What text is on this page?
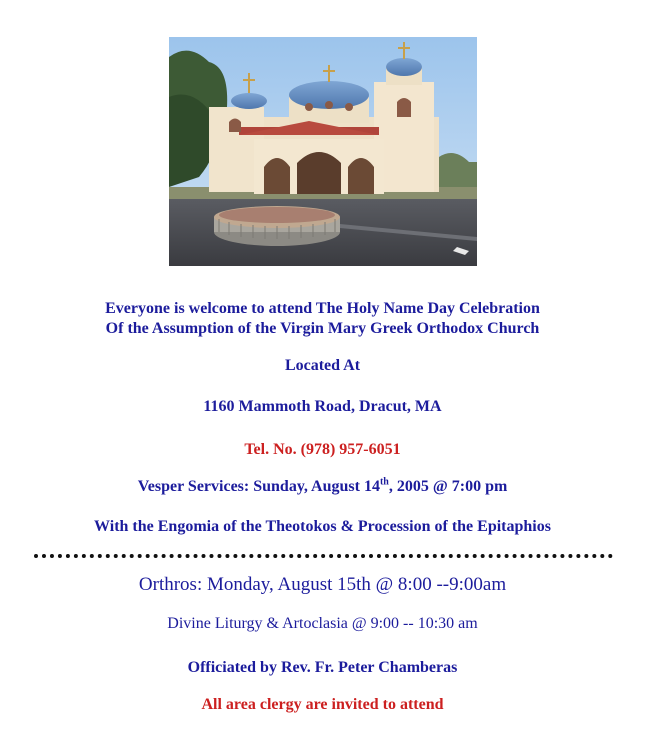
Everyone is welcome to attend The Holy Name Day Celebration
Of the Assumption of the Virgin Mary Greek Orthodox Church
Located At
1160 Mammoth Road, Dracut, MA
Tel. No. (978) 957-6051
Vesper Services: Sunday, August 14th, 2005 @ 7:00 pm
With the Engomia of the Theotokos & Procession of the Epitaphios
Orthros: Monday, August 15th @ 8:00 --9:00am
Divine Liturgy & Artoclasia @ 9:00 -- 10:30 am
Officiated by Rev. Fr. Peter Chamberas
All area clergy are invited to attend
